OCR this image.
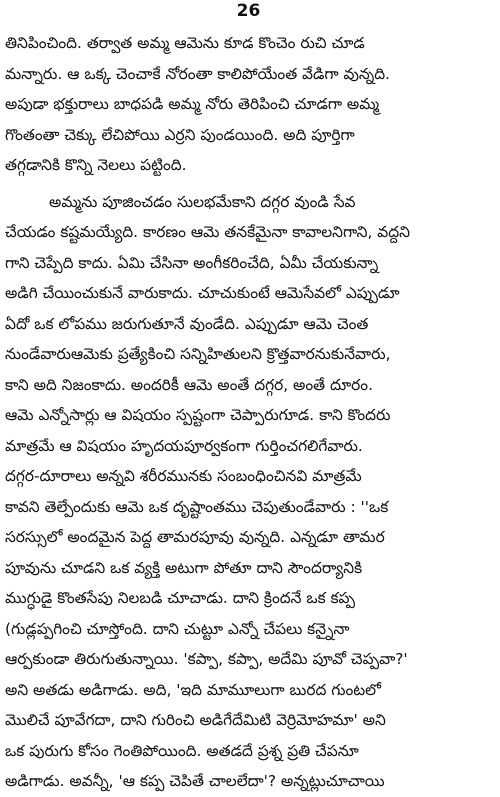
26
తినిపించింది. తర్వాత అమ్మ ఆమెను కూడ కొంచెం రుచి చూడ
మన్నారు. ఆ ఒక్క చెంచాకే నోరంతా కాలిపోయేంత వేడిగా వున్నది.
అపుడా భక్తురాలు బాధపడి అమ్మ నోరు తెరిపించి చూడగా అమ్మ
గొంతంతా చెక్కు లేచిపోయి ఎర్రని పుండయింది. అది పూర్తిగా
తగ్గడానికి కొన్ని నెలలు పట్టింది.
అమ్మను పూజించడం సులభమేకాని దగ్గర వుండి సేవ
చేయడం కష్టమయ్యేది. కారణం ఆమె తనకేమైనా కావాలనిగాని, వద్దని
గాని చెప్పేది కాదు. ఏమి చేసినా అంగీకరించేది, ఏమీ చేయకున్నా
అడిగి చేయించుకునే వారుకాదు. చూచుకుంటే ఆమెసేవలో ఎప్పుడూ
ఏదో ఒక లోపము జరుగుతూనే వుండేది. ఎప్పుడూ ఆమె చెంత
నుండేవారుఆమెకు ప్రత్యేకించి సన్నిహితులని క్రొత్తవారనుకునేవారు,
కాని అది నిజంకాదు. అందరికీ ఆమె అంతే దగ్గర, అంతే దూరం.
ఆమె ఎన్నోసార్లు ఆ విషయం స్పష్టంగా చెప్పారుగూడ. కాని కొందరు
మాత్రమే ఆ విషయం హృదయపూర్వకంగా గుర్తించగలిగేవారు.
దగ్గర-దూరాలు అన్నవి శరీరమునకు సంబంధించినవి మాత్రమే
కావని తెల్పేందుకు ఆమె ఒక దృష్టాంతము చెపుతుండేవారు : ''ఒక
సరస్సులో అందమైన పెద్ద తామరపూవు వున్నది. ఎన్నడూ తామర
పూవును చూడని ఒక వ్యక్తి అటుగా పోతూ దాని సౌందర్యానికి
ముగ్ధుడై కొంతసేపు నిలబడి చూచాడు. దాని క్రిందనే ఒక కప్ప
(గుడ్లప్పగించి చూస్తోంది. దాని చుట్టూ ఎన్నో చేపలు కన్నైనా
ఆర్పకుండా తిరుగుతున్నాయి. 'కప్పా, కప్పా, అదేమి పూవో చెప్పవా?'
అని అతడు అడిగాడు. అది, 'ఇది మామూలుగా బురద గుంటలో
మొలిచే పూవేగదా, దాని గురించి అడిగేదేమిటి వెర్రిమోహమా' అని
ఒక పురుగు కోసం గెంతిపోయింది. అతడదే ప్రశ్న ప్రతి చేపనూ
అడిగాడు. అవన్నీ, 'ఆ కప్ప చెపితే చాలలేదా'? అన్నట్లుచూచాయి
